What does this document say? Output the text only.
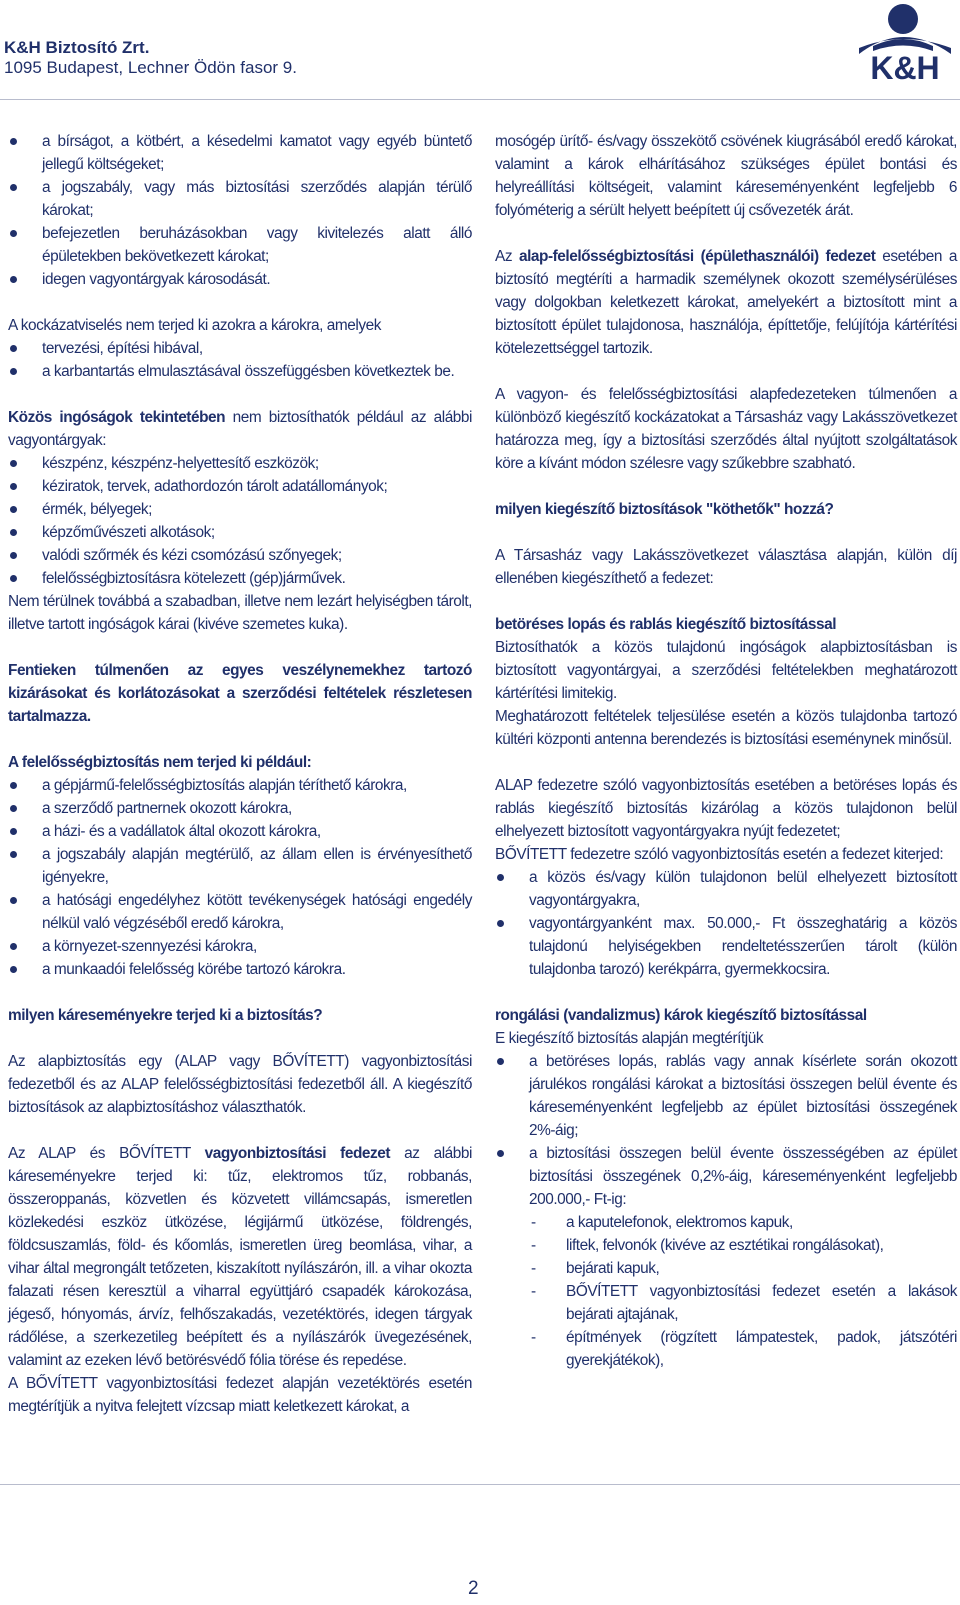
K&H Biztosító Zrt.
1095 Budapest, Lechner Ödön fasor 9.	K&H
a bírságot, a kötbért, a késedelmi kamatot vagy egyéb büntető jellegű költségeket;
a jogszabály, vagy más biztosítási szerződés alapján térülő károkat;
befejezetlen beruházásokban vagy kivitelezés alatt álló épületekben bekövetkezett károkat;
idegen vagyontárgyak károsodását.

A kockázatviselés nem terjed ki azokra a károkra, amelyek

tervezési, építési hibával,
a karbantartás elmulasztásával összefüggésben következtek be.

Közös ingóságok tekintetében nem biztosíthatók például az alábbi vagyontárgyak:

készpénz, készpénz-helyettesítő eszközök;
kéziratok, tervek, adathordozón tárolt adatállományok;
érmék, bélyegek;
képzőművészeti alkotások;
valódi szőrmék és kézi csomózású szőnyegek;
felelősségbiztosításra kötelezett (gép)járművek.

Nem térülnek továbbá a szabadban, illetve nem lezárt helyiségben tárolt, illetve tartott ingóságok kárai (kivéve szemetes kuka).

Fentieken túlmenően az egyes veszélynemekhez tartozó kizárásokat és korlátozásokat a szerződési feltételek részletesen tartalmazza.

A felelősségbiztosítás nem terjed ki például:

a gépjármű-felelősségbiztosítás alapján téríthető károkra,
a szerződő partnernek okozott károkra,
a házi- és a vadállatok által okozott károkra,
a jogszabály alapján megtérülő, az állam ellen is érvényesíthető igényekre,
a hatósági engedélyhez kötött tevékenységek hatósági engedély nélkül való végzéséből eredő károkra,
a környezet-szennyezési károkra,
a munkaadói felelősség körébe tartozó károkra.

milyen káreseményekre terjed ki a biztosítás?

Az alapbiztosítás egy (ALAP vagy BŐVÍTETT) vagyonbiztosítási fedezetből és az ALAP felelősségbiztosítási fedezetből áll. A kiegészítő biztosítások az alapbiztosításhoz választhatók.

Az ALAP és BŐVÍTETT vagyonbiztosítási fedezet az alábbi káreseményekre terjed ki: tűz, elektromos tűz, robbanás, összeroppanás, közvetlen és közvetett villámcsapás, ismeretlen közlekedési eszköz ütközése, légijármű ütközése, földrengés, földcsuszamlás, föld- és kőomlás, ismeretlen üreg beomlása, vihar, a vihar által megrongált tetőzeten, kiszakított nyílászárón, ill. a vihar okozta falazati résen keresztül a viharral együttjáró csapadék károkozása, jégeső, hónyomás, árvíz, felhőszakadás, vezetéktörés, idegen tárgyak rádőlése, a szerkezetileg beépített és a nyílászárók üvegezésének, valamint az ezeken lévő betörésvédő fólia törése és repedése.

A BŐVÍTETT vagyonbiztosítási fedezet alapján vezetéktörés esetén megtérítjük a nyitva felejtett vízcsap miatt keletkezett károkat, a

mosógép ürítő- és/vagy összekötő csövének kiugrásából eredő károkat, valamint a károk elhárításához szükséges épület bontási és helyreállítási költségeit, valamint káreseményenként legfeljebb 6 folyóméterig a sérült helyett beépített új csővezeték árát.

Az alap-felelősségbiztosítási (épülethasználói) fedezet esetében a biztosító megtéríti a harmadik személynek okozott személysérüléses vagy dolgokban keletkezett károkat, amelyekért a biztosított mint a biztosított épület tulajdonosa, használója, építtetője, felújítója kártérítési kötelezettséggel tartozik.

A vagyon- és felelősségbiztosítási alapfedezeteken túlmenően a különböző kiegészítő kockázatokat a Társasház vagy Lakásszövetkezet határozza meg, így a biztosítási szerződés által nyújtott szolgáltatások köre a kívánt módon szélesre vagy szűkebbre szabható.

milyen kiegészítő biztosítások "köthetők" hozzá?

A Társasház vagy Lakásszövetkezet választása alapján, külön díj ellenében kiegészíthető a fedezet:

betöréses lopás és rablás kiegészítő biztosítással

Biztosíthatók a közös tulajdonú ingóságok alapbiztosításban is biztosított vagyontárgyai, a szerződési feltételekben meghatározott kártérítési limitekig.

Meghatározott feltételek teljesülése esetén a közös tulajdonba tartozó kültéri központi antenna berendezés is biztosítási eseménynek minősül.

ALAP fedezetre szóló vagyonbiztosítás esetében a betöréses lopás és rablás kiegészítő biztosítás kizárólag a közös tulajdonon belül elhelyezett biztosított vagyontárgyakra nyújt fedezetet;

BŐVÍTETT fedezetre szóló vagyonbiztosítás esetén a fedezet kiterjed:

a közös és/vagy külön tulajdonon belül elhelyezett biztosított vagyontárgyakra,
vagyontárgyanként max. 50.000,- Ft összeghatárig a közös tulajdonú helyiségekben rendeltetésszerűen tárolt (külön tulajdonba tarozó) kerékpárra, gyermekkocsira.

rongálási (vandalizmus) károk kiegészítő biztosítással

E kiegészítő biztosítás alapján megtérítjük

a betöréses lopás, rablás vagy annak kísérlete során okozott járulékos rongálási károkat a biztosítási összegen belül évente és káreseményenként legfeljebb az épület biztosítási összegének 2%-áig;
a biztosítási összegen belül évente összességében az épület biztosítási összegének 0,2%-áig, káreseményenként legfeljebb 200.000,- Ft-ig:
- a kaputelefonok, elektromos kapuk,
- liftek, felvonók (kivéve az esztétikai rongálásokat),
- bejárati kapuk,
- BŐVÍTETT vagyonbiztosítási fedezet esetén a lakások bejárati ajtajának,
- építmények (rögzített lámpatestek, padok, játszótéri gyerekjátékok),
2
